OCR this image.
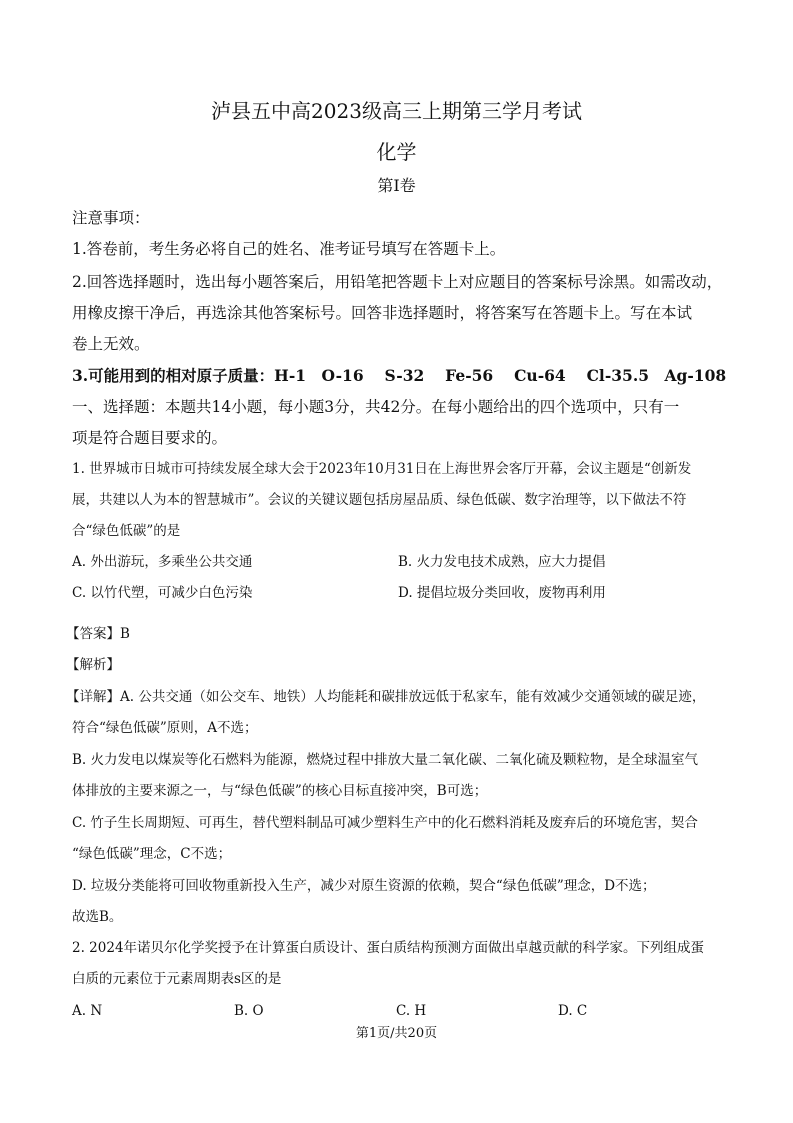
泸县五中高2023级高三上期第三学月考试
化学
第I卷
注意事项：
1.答卷前，考生务必将自己的姓名、准考证号填写在答题卡上。
2.回答选择题时，选出每小题答案后，用铅笔把答题卡上对应题目的答案标号涂黑。如需改动，
用橡皮擦干净后，再选涂其他答案标号。回答非选择题时，将答案写在答题卡上。写在本试
卷上无效。
3.可能用到的相对原子质量：H-1　O-16　 S-32　 Fe-56　 Cu-64　 Cl-35.5　Ag-108
一、选择题：本题共14小题，每小题3分，共42分。在每小题给出的四个选项中，只有一
项是符合题目要求的。
1. 世界城市日城市可持续发展全球大会于2023年10月31日在上海世界会客厅开幕，会议主题是“创新发
展，共建以人为本的智慧城市”。会议的关键议题包括房屋品质、绿色低碳、数字治理等，以下做法不符
合“绿色低碳”的是
A. 外出游玩，多乘坐公共交通	B. 火力发电技术成熟，应大力提倡
C. 以竹代塑，可减少白色污染	D. 提倡垃圾分类回收，废物再利用
【答案】B
【解析】
【详解】A. 公共交通（如公交车、地铁）人均能耗和碳排放远低于私家车，能有效减少交通领域的碳足迹，
符合“绿色低碳”原则，A不选；
B. 火力发电以煤炭等化石燃料为能源，燃烧过程中排放大量二氧化碳、二氧化硫及颗粒物，是全球温室气
体排放的主要来源之一，与“绿色低碳”的核心目标直接冲突，B可选；
C. 竹子生长周期短、可再生，替代塑料制品可减少塑料生产中的化石燃料消耗及废弃后的环境危害，契合
“绿色低碳”理念，C不选；
D. 垃圾分类能将可回收物重新投入生产，减少对原生资源的依赖，契合“绿色低碳”理念，D不选；
故选B。
2. 2024年诺贝尔化学奖授予在计算蛋白质设计、蛋白质结构预测方面做出卓越贡献的科学家。下列组成蛋
白质的元素位于元素周期表s区的是
A. N	B. O	C. H	D. C
第1页/共20页
